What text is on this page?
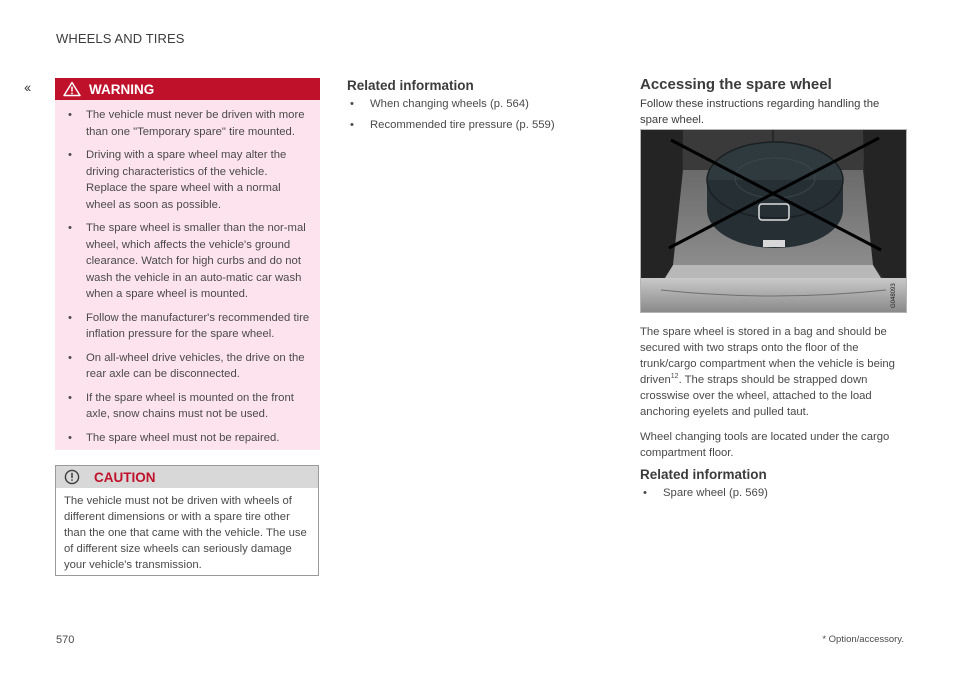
‹‹
WHEELS AND TIRES
WARNING
• The vehicle must never be driven with more than one "Temporary spare" tire mounted.
• Driving with a spare wheel may alter the driving characteristics of the vehicle. Replace the spare wheel with a normal wheel as soon as possible.
• The spare wheel is smaller than the nor-mal wheel, which affects the vehicle's ground clearance. Watch for high curbs and do not wash the vehicle in an auto-matic car wash when a spare wheel is mounted.
• Follow the manufacturer's recommended tire inflation pressure for the spare wheel.
• On all-wheel drive vehicles, the drive on the rear axle can be disconnected.
• If the spare wheel is mounted on the front axle, snow chains must not be used.
• The spare wheel must not be repaired.
CAUTION
The vehicle must not be driven with wheels of different dimensions or with a spare tire other than the one that came with the vehicle. The use of different size wheels can seriously damage your vehicle's transmission.
Related information
• When changing wheels (p. 564)
• Recommended tire pressure (p. 559)
Accessing the spare wheel

Follow these instructions regarding handling the spare wheel.

G048093

The spare wheel is stored in a bag and should be secured with two straps onto the floor of the trunk/cargo compartment when the vehicle is being driven$^{12}$. The straps should be strapped down crosswise over the wheel, attached to the load anchoring eyelets and pulled taut.

Wheel changing tools are located under the cargo compartment floor.

Related information
• Spare wheel (p. 569)
570	* Option/accessory.
